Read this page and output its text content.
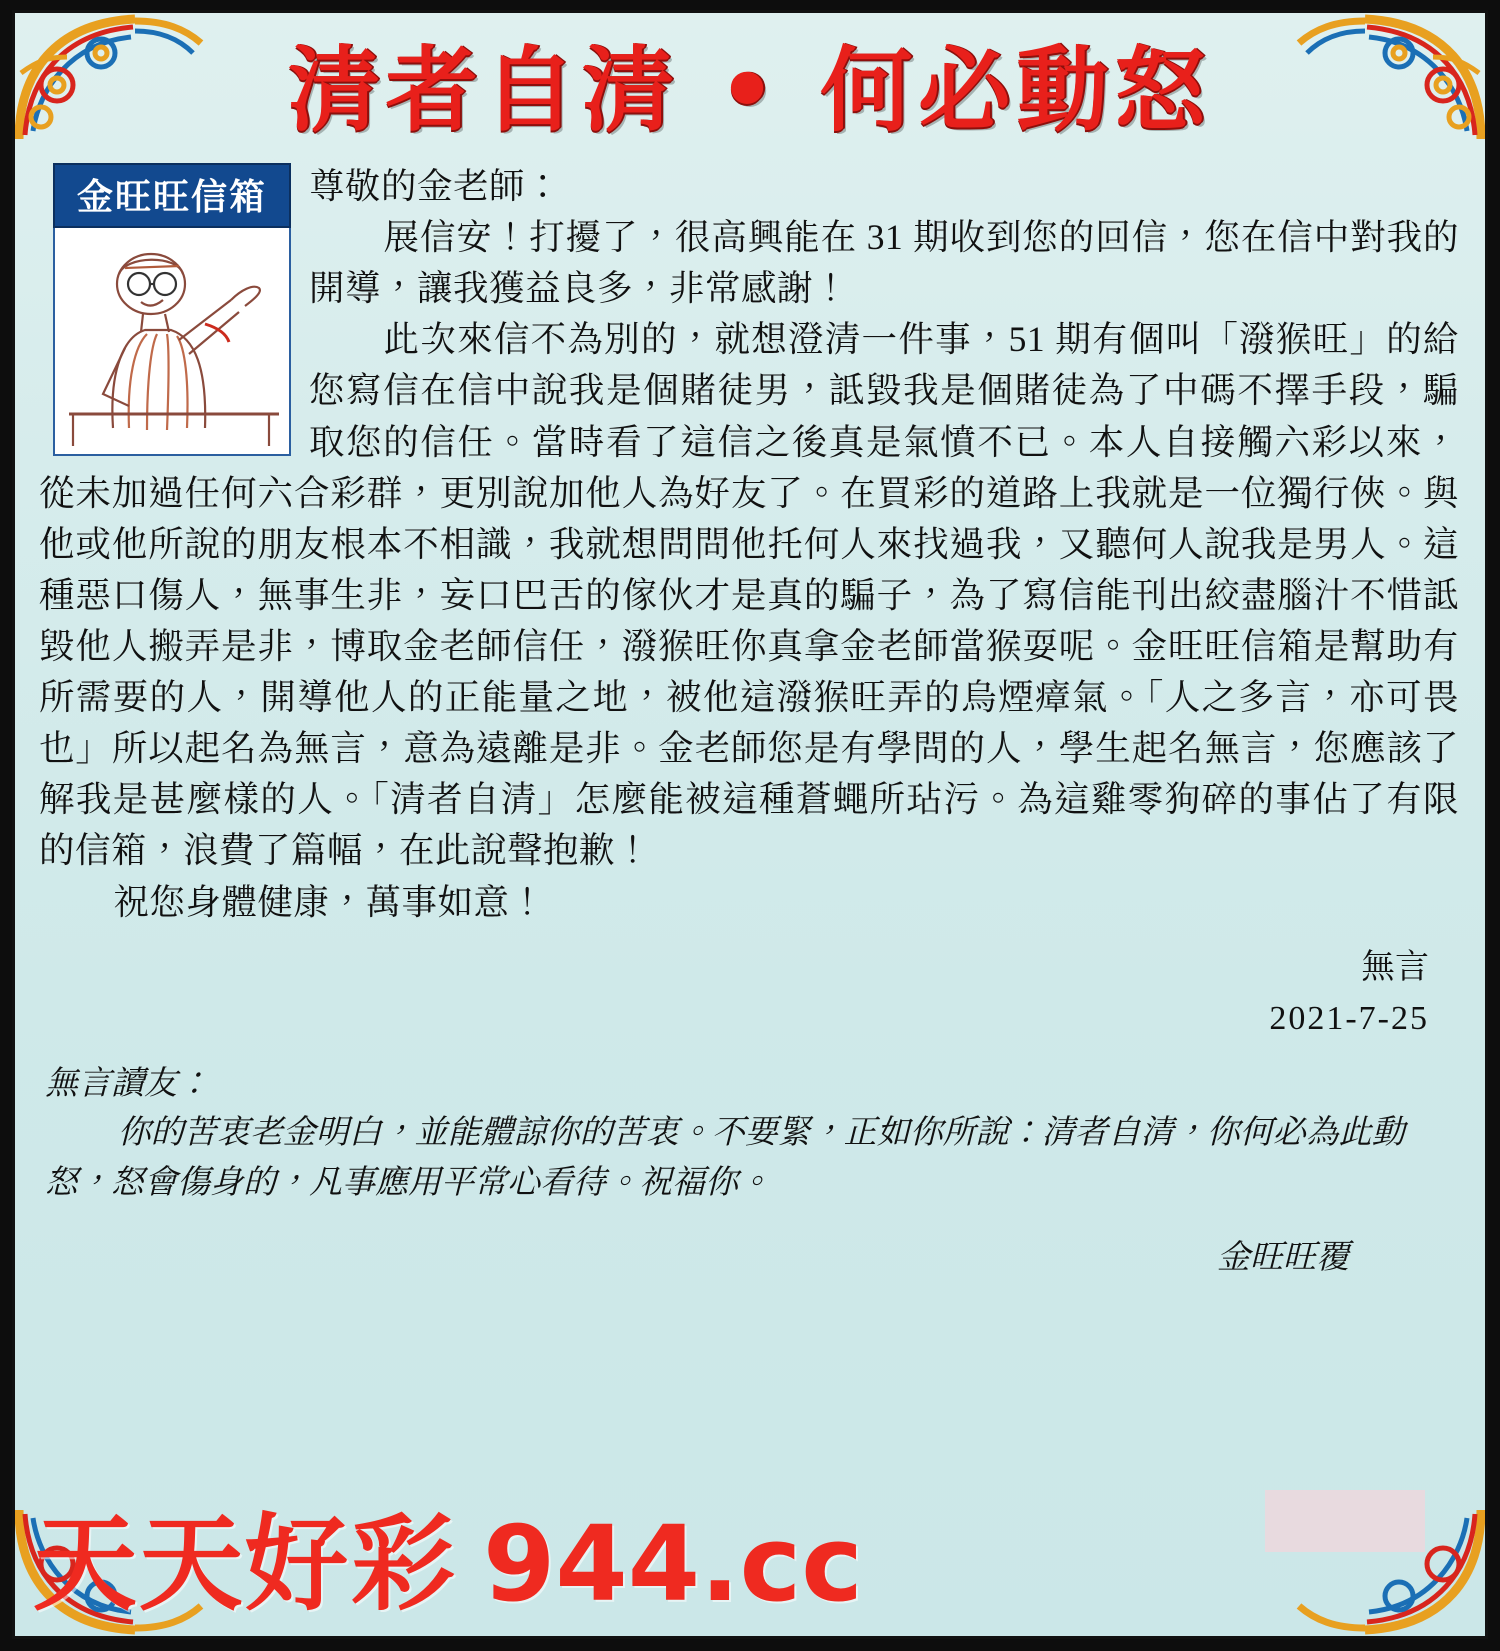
清者自清 • 何必動怒
金旺旺信箱	尊敬的金老師：

展信安！打擾了，很高興能在 31 期收到您的回信，您在信中對我的開導，讓我獲益良多，非常感謝！

此次來信不為別的，就想澄清一件事，51 期有個叫「潑猴旺」的給您寫信在信中說我是個賭徒男，詆毀我是個賭徒為了中碼不擇手段，騙取您的信任。當時看了這信之後真是氣憤不已。本人自接觸六彩以來，從未加過任何六合彩群，更別說加他人為好友了。在買彩的道路上我就是一位獨行俠。與他或他所說的朋友根本不相識，我就想問問他托何人來找過我，又聽何人說我是男人。這種惡口傷人，無事生非，妄口巴舌的傢伙才是真的騙子，為了寫信能刊出絞盡腦汁不惜詆毀他人搬弄是非，博取金老師信任，潑猴旺你真拿金老師當猴耍呢。金旺旺信箱是幫助有所需要的人，開導他人的正能量之地，被他這潑猴旺弄的烏煙瘴氣。「人之多言，亦可畏也」所以起名為無言，意為遠離是非。金老師您是有學問的人，學生起名無言，您應該了解我是甚麼樣的人。「清者自清」怎麼能被這種蒼蠅所玷污。為這雞零狗碎的事佔了有限的信箱，浪費了篇幅，在此說聲抱歉！

祝您身體健康，萬事如意！

無言
2021-7-25

無言讀友：

你的苦衷老金明白，並能體諒你的苦衷。不要緊，正如你所說：清者自清，你何必為此動怒，怒會傷身的，凡事應用平常心看待。祝福你。

金旺旺覆
天天好彩 944.cc
